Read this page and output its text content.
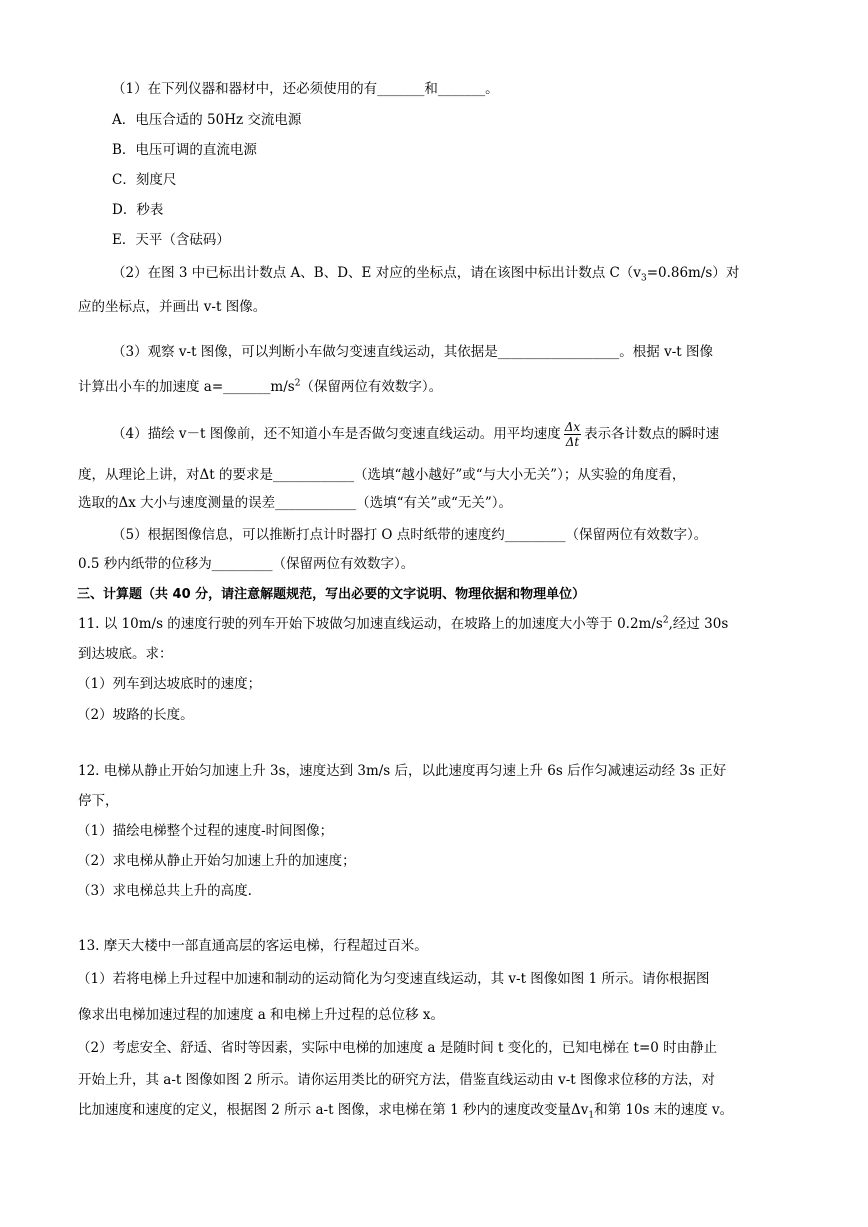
（1）在下列仪器和器材中，还必须使用的有_______和_______。
A．电压合适的 50Hz 交流电源
B．电压可调的直流电源
C．刻度尺
D．秒表
E．天平（含砝码）
（2）在图 3 中已标出计数点 A、B、D、E 对应的坐标点，请在该图中标出计数点 $C(v_3=0.86m/s)$对
应的坐标点，并画出 v-t 图像。
（3）观察 v-t 图像，可以判断小车做匀变速直线运动，其依据是__________________。根据 v-t 图像
计算出小车的加速度 $a=\_\_\_\_\_\_\_m/s^2$（保留两位有效数字）。
（4）描绘 v－t 图像前，还不知道小车是否做匀变速直线运动。用平均速度 $\frac{\Delta x}{\Delta t}$ 表示各计数点的瞬时速
度，从理论上讲，对Δt 的要求是____________（选填“越小越好”或“与大小无关”）；从实验的角度看，
选取的Δx 大小与速度测量的误差____________（选填“有关”或“无关”）。
（5）根据图像信息，可以推断打点计时器打 O 点时纸带的速度约_________（保留两位有效数字）。
0.5 秒内纸带的位移为_________（保留两位有效数字）。
三、计算题（共 40 分，请注意解题规范，写出必要的文字说明、物理依据和物理单位）
11. 以 10m/s 的速度行驶的列车开始下坡做匀加速直线运动，在坡路上的加速度大小等于 $0.2m/s^2$,经过 30s
到达坡底。求：
（1）列车到达坡底时的速度；
（2）坡路的长度。
12. 电梯从静止开始匀加速上升 3s，速度达到 3m/s 后，以此速度再匀速上升 6s 后作匀减速运动经 3s 正好
停下，
（1）描绘电梯整个过程的速度-时间图像；
（2）求电梯从静止开始匀加速上升的加速度；
（3）求电梯总共上升的高度.
13. 摩天大楼中一部直通高层的客运电梯，行程超过百米。
（1）若将电梯上升过程中加速和制动的运动简化为匀变速直线运动，其 v-t 图像如图 1 所示。请你根据图
像求出电梯加速过程的加速度 a 和电梯上升过程的总位移 x。
（2）考虑安全、舒适、省时等因素，实际中电梯的加速度 a 是随时间 t 变化的，已知电梯在 t=0 时由静止
开始上升，其 a-t 图像如图 2 所示。请你运用类比的研究方法，借鉴直线运动由 v-t 图像求位移的方法，对
比加速度和速度的定义，根据图 2 所示 a-t 图像，求电梯在第 1 秒内的速度改变量$\Delta v_1$和第 10s 末的速度 v。
